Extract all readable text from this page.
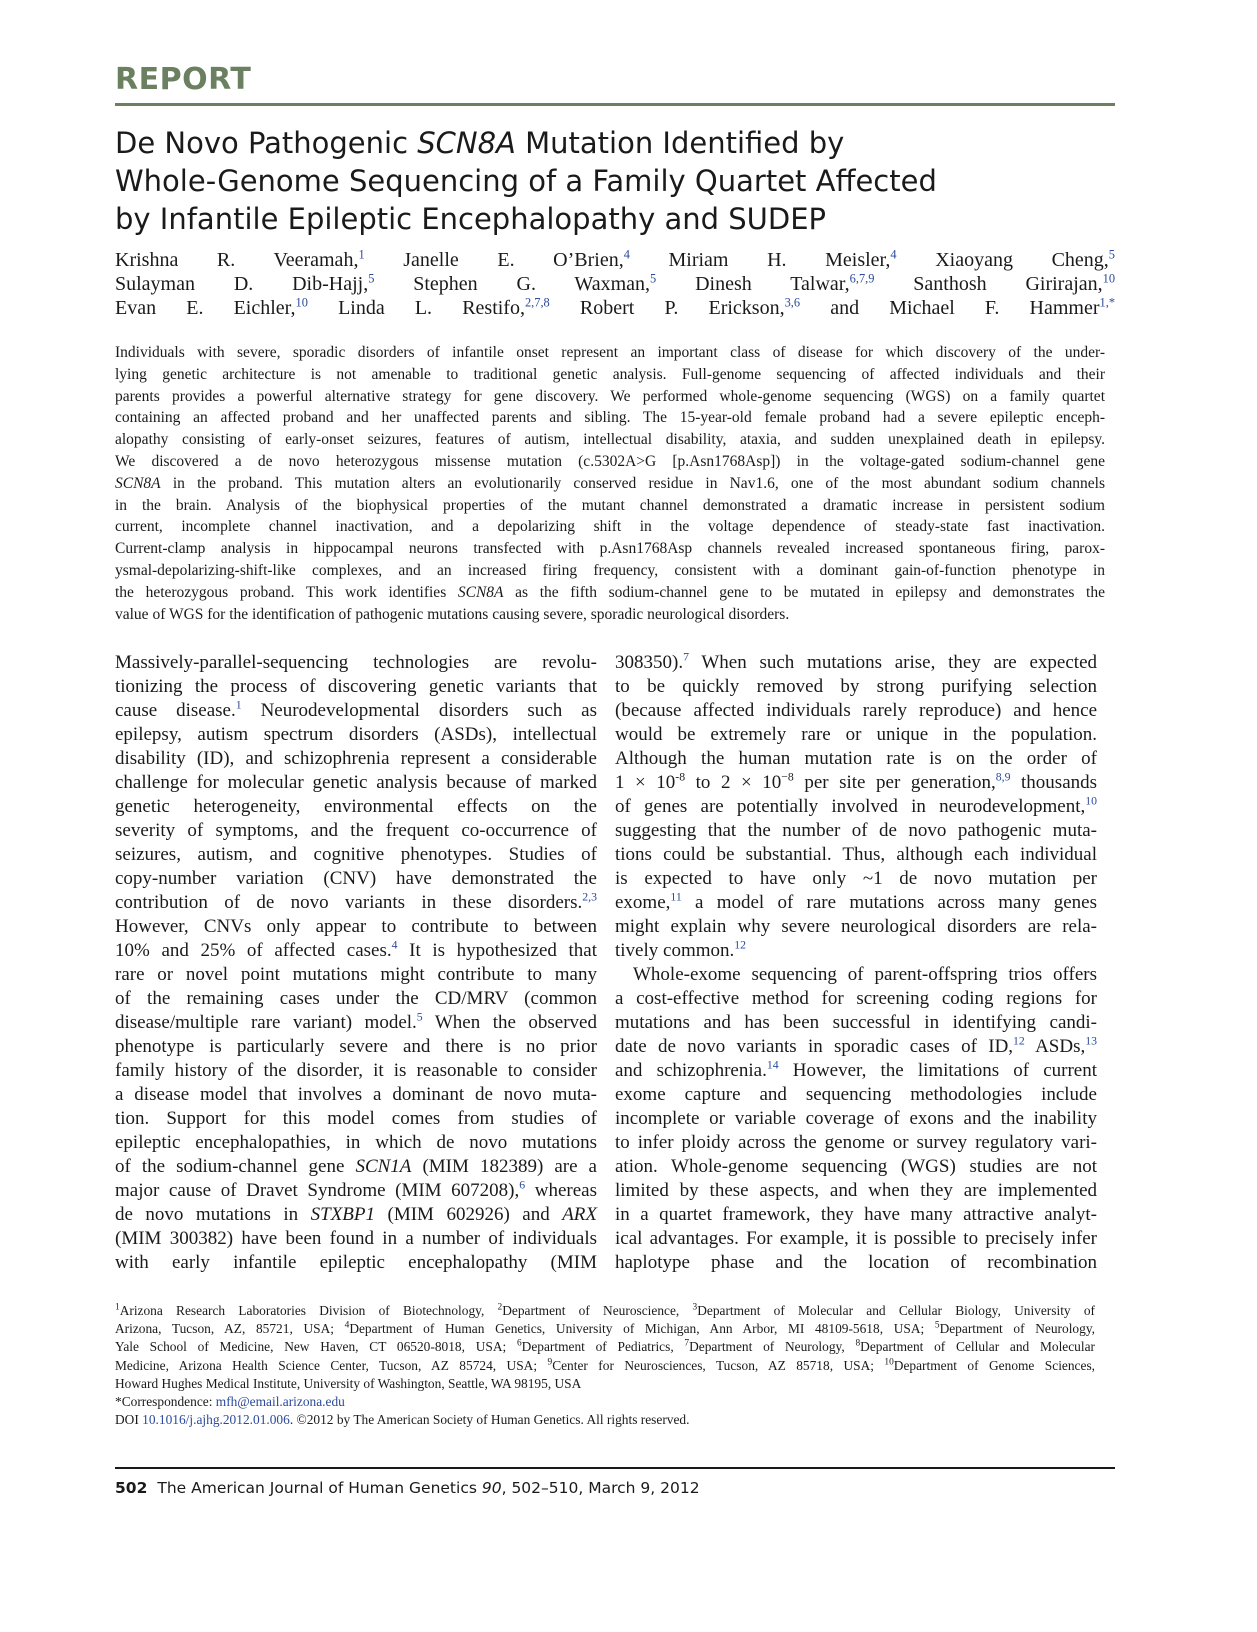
REPORT
De Novo Pathogenic SCN8A Mutation Identified by
Whole-Genome Sequencing of a Family Quartet Affected
by Infantile Epileptic Encephalopathy and SUDEP
Krishna R. Veeramah,$^1$ Janelle E. O’Brien,$^4$ Miriam H. Meisler,$^4$ Xiaoyang Cheng,$^5$
Sulayman D. Dib-Hajj,$^5$ Stephen G. Waxman,$^5$ Dinesh Talwar,$^{6,7,9}$ Santhosh Girirajan,$^{10}$
Evan E. Eichler,$^{10}$ Linda L. Restifo,$^{2,7,8}$ Robert P. Erickson,$^{3,6}$ and Michael F. Hammer$^{1,*}$
Individuals with severe, sporadic disorders of infantile onset represent an important class of disease for which discovery of the under-
lying genetic architecture is not amenable to traditional genetic analysis. Full-genome sequencing of affected individuals and their
parents provides a powerful alternative strategy for gene discovery. We performed whole-genome sequencing (WGS) on a family quartet
containing an affected proband and her unaffected parents and sibling. The 15-year-old female proband had a severe epileptic enceph-
alopathy consisting of early-onset seizures, features of autism, intellectual disability, ataxia, and sudden unexplained death in epilepsy.
We discovered a de novo heterozygous missense mutation (c.5302A>G [p.Asn1768Asp]) in the voltage-gated sodium-channel gene
SCN8A in the proband. This mutation alters an evolutionarily conserved residue in Nav1.6, one of the most abundant sodium channels
in the brain. Analysis of the biophysical properties of the mutant channel demonstrated a dramatic increase in persistent sodium
current, incomplete channel inactivation, and a depolarizing shift in the voltage dependence of steady-state fast inactivation.
Current-clamp analysis in hippocampal neurons transfected with p.Asn1768Asp channels revealed increased spontaneous firing, parox-
ysmal-depolarizing-shift-like complexes, and an increased firing frequency, consistent with a dominant gain-of-function phenotype in
the heterozygous proband. This work identifies SCN8A as the fifth sodium-channel gene to be mutated in epilepsy and demonstrates the
value of WGS for the identification of pathogenic mutations causing severe, sporadic neurological disorders.
Massively-parallel-sequencing technologies are revolu-
tionizing the process of discovering genetic variants that
cause disease.$^1$ Neurodevelopmental disorders such as
epilepsy, autism spectrum disorders (ASDs), intellectual
disability (ID), and schizophrenia represent a considerable
challenge for molecular genetic analysis because of marked
genetic heterogeneity, environmental effects on the
severity of symptoms, and the frequent co-occurrence of
seizures, autism, and cognitive phenotypes. Studies of
copy-number variation (CNV) have demonstrated the
contribution of de novo variants in these disorders.$^{2,3}$
However, CNVs only appear to contribute to between
10% and 25% of affected cases.$^4$ It is hypothesized that
rare or novel point mutations might contribute to many
of the remaining cases under the CD/MRV (common
disease/multiple rare variant) model.$^5$ When the observed
phenotype is particularly severe and there is no prior
family history of the disorder, it is reasonable to consider
a disease model that involves a dominant de novo muta-
tion. Support for this model comes from studies of
epileptic encephalopathies, in which de novo mutations
of the sodium-channel gene SCN1A (MIM 182389) are a
major cause of Dravet Syndrome (MIM 607208),$^6$ whereas
de novo mutations in STXBP1 (MIM 602926) and ARX
(MIM 300382) have been found in a number of individuals
with early infantile epileptic encephalopathy (MIM
308350).$^7$ When such mutations arise, they are expected
to be quickly removed by strong purifying selection
(because affected individuals rarely reproduce) and hence
would be extremely rare or unique in the population.
Although the human mutation rate is on the order of
$1 \times 10^{-8}$ to $2 \times 10^{-8}$ per site per generation,$^{8,9}$ thousands
of genes are potentially involved in neurodevelopment,$^{10}$
suggesting that the number of de novo pathogenic muta-
tions could be substantial. Thus, although each individual
is expected to have only ~1 de novo mutation per
exome,$^{11}$ a model of rare mutations across many genes
might explain why severe neurological disorders are rela-
tively common.$^{12}$
Whole-exome sequencing of parent-offspring trios offers
a cost-effective method for screening coding regions for
mutations and has been successful in identifying candi-
date de novo variants in sporadic cases of ID,$^{12}$ ASDs,$^{13}$
and schizophrenia.$^{14}$ However, the limitations of current
exome capture and sequencing methodologies include
incomplete or variable coverage of exons and the inability
to infer ploidy across the genome or survey regulatory vari-
ation. Whole-genome sequencing (WGS) studies are not
limited by these aspects, and when they are implemented
in a quartet framework, they have many attractive analyt-
ical advantages. For example, it is possible to precisely infer
haplotype phase and the location of recombination
$^1$Arizona Research Laboratories Division of Biotechnology, $^2$Department of Neuroscience, $^3$Department of Molecular and Cellular Biology, University of
Arizona, Tucson, AZ, 85721, USA; $^4$Department of Human Genetics, University of Michigan, Ann Arbor, MI 48109-5618, USA; $^5$Department of Neurology,
Yale School of Medicine, New Haven, CT 06520-8018, USA; $^6$Department of Pediatrics, $^7$Department of Neurology, $^8$Department of Cellular and Molecular
Medicine, Arizona Health Science Center, Tucson, AZ 85724, USA; $^9$Center for Neurosciences, Tucson, AZ 85718, USA; $^{10}$Department of Genome Sciences,
Howard Hughes Medical Institute, University of Washington, Seattle, WA 98195, USA
*Correspondence: mfh@email.arizona.edu
DOI 10.1016/j.ajhg.2012.01.006. ©2012 by The American Society of Human Genetics. All rights reserved.
502 The American Journal of Human Genetics 90, 502–510, March 9, 2012
